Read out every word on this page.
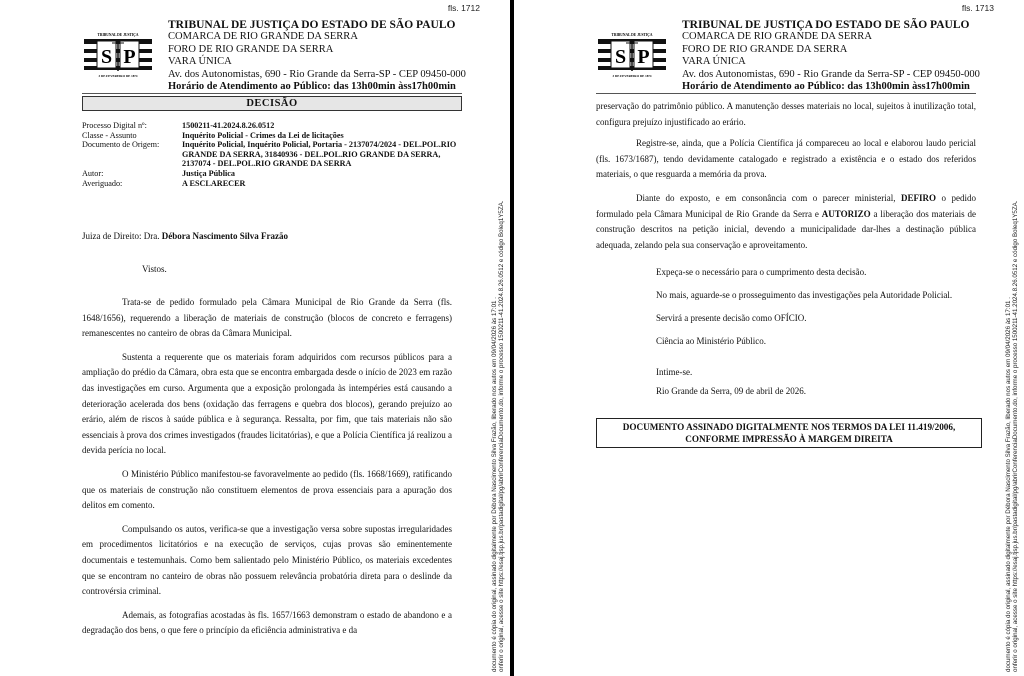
fls. 1712
TRIBUNAL DE JUSTIÇA
S P
3 DE FEVEREIRO DE 1874
TRIBUNAL DE JUSTIÇA DO ESTADO DE SÃO PAULO
COMARCA DE RIO GRANDE DA SERRA
FORO DE RIO GRANDE DA SERRA
VARA ÚNICA
Av. dos Autonomistas, 690 - Rio Grande da Serra-SP - CEP 09450-000
Horário de Atendimento ao Público: das 13h00min àss17h00min
DECISÃO
Processo Digital nº:	1500211-41.2024.8.26.0512
Classe - Assunto	Inquérito Policial - Crimes da Lei de licitações
Documento de Origem:	Inquérito Policial, Inquérito Policial, Portaria - 2137074/2024 - DEL.POL.RIO GRANDE DA SERRA, 31840936 - DEL.POL.RIO GRANDE DA SERRA, 2137074 - DEL.POL.RIO GRANDE DA SERRA
Autor:	Justiça Pública
Averiguado:	A ESCLARECER
Juiza de Direito: Dra. Débora Nascimento Silva Frazão
Vistos.

Trata-se de pedido formulado pela Câmara Municipal de Rio Grande da Serra (fls. 1648/1656), requerendo a liberação de materiais de construção (blocos de concreto e ferragens) remanescentes no canteiro de obras da Câmara Municipal.

Sustenta a requerente que os materiais foram adquiridos com recursos públicos para a ampliação do prédio da Câmara, obra esta que se encontra embargada desde o início de 2023 em razão das investigações em curso. Argumenta que a exposição prolongada às intempéries está causando a deterioração acelerada dos bens (oxidação das ferragens e quebra dos blocos), gerando prejuízo ao erário, além de riscos à saúde pública e à segurança. Ressalta, por fim, que tais materiais não são essenciais à prova dos crimes investigados (fraudes licitatórias), e que a Polícia Científica já realizou a devida perícia no local.

O Ministério Público manifestou-se favoravelmente ao pedido (fls. 1668/1669), ratificando que os materiais de construção não constituem elementos de prova essenciais para a apuração dos delitos em comento.

Compulsando os autos, verifica-se que a investigação versa sobre supostas irregularidades em procedimentos licitatórios e na execução de serviços, cujas provas são eminentemente documentais e testemunhais. Como bem salientado pelo Ministério Público, os materiais excedentes que se encontram no canteiro de obras não possuem relevância probatória direta para o deslinde da controvérsia criminal.

Ademais, as fotografias acostadas às fls. 1657/1663 demonstram o estado de abandono e a degradação dos bens, o que fere o princípio da eficiência administrativa e da	documento é cópia do original, assinado digitalmente por Débora Nascimento Silva Frazão, liberado nos autos em 09/04/2026 às 17:01 . onferir o original, acesse o site https://esaj.tjsp.jus.br/pastadigital/pg/abrirConferenciaDocumento.do, informe o processo 1500211-41.2024.8.26.0512 e código Boleq1Y5ZA.
fls. 1713
TRIBUNAL DE JUSTIÇA
S P
3 DE FEVEREIRO DE 1874
TRIBUNAL DE JUSTIÇA DO ESTADO DE SÃO PAULO
COMARCA DE RIO GRANDE DA SERRA
FORO DE RIO GRANDE DA SERRA
VARA ÚNICA
Av. dos Autonomistas, 690 - Rio Grande da Serra-SP - CEP 09450-000
Horário de Atendimento ao Público: das 13h00min àss17h00min

preservação do patrimônio público. A manutenção desses materiais no local, sujeitos à inutilização total, configura prejuízo injustificado ao erário.

Registre-se, ainda, que a Polícia Científica já compareceu ao local e elaborou laudo pericial (fls. 1673/1687), tendo devidamente catalogado e registrado a existência e o estado dos referidos materiais, o que resguarda a memória da prova.

Diante do exposto, e em consonância com o parecer ministerial, DEFIRO o pedido formulado pela Câmara Municipal de Rio Grande da Serra e AUTORIZO a liberação dos materiais de construção descritos na petição inicial, devendo a municipalidade dar-lhes a destinação pública adequada, zelando pela sua conservação e aproveitamento.

Expeça-se o necessário para o cumprimento desta decisão.
No mais, aguarde-se o prosseguimento das investigações pela Autoridade Policial.
Servirá a presente decisão como OFÍCIO.
Ciência ao Ministério Público.
Intime-se.
Rio Grande da Serra, 09 de abril de 2026.
DOCUMENTO ASSINADO DIGITALMENTE NOS TERMOS DA LEI 11.419/2006,
CONFORME IMPRESSÃO À MARGEM DIREITA	documento é cópia do original, assinado digitalmente por Débora Nascimento Silva Frazão, liberado nos autos em 09/04/2026 às 17:01 . onferir o original, acesse o site https://esaj.tjsp.jus.br/pastadigital/pg/abrirConferenciaDocumento.do, informe o processo 1500211-41.2024.8.26.0512 e código Boleq1Y5ZA.
